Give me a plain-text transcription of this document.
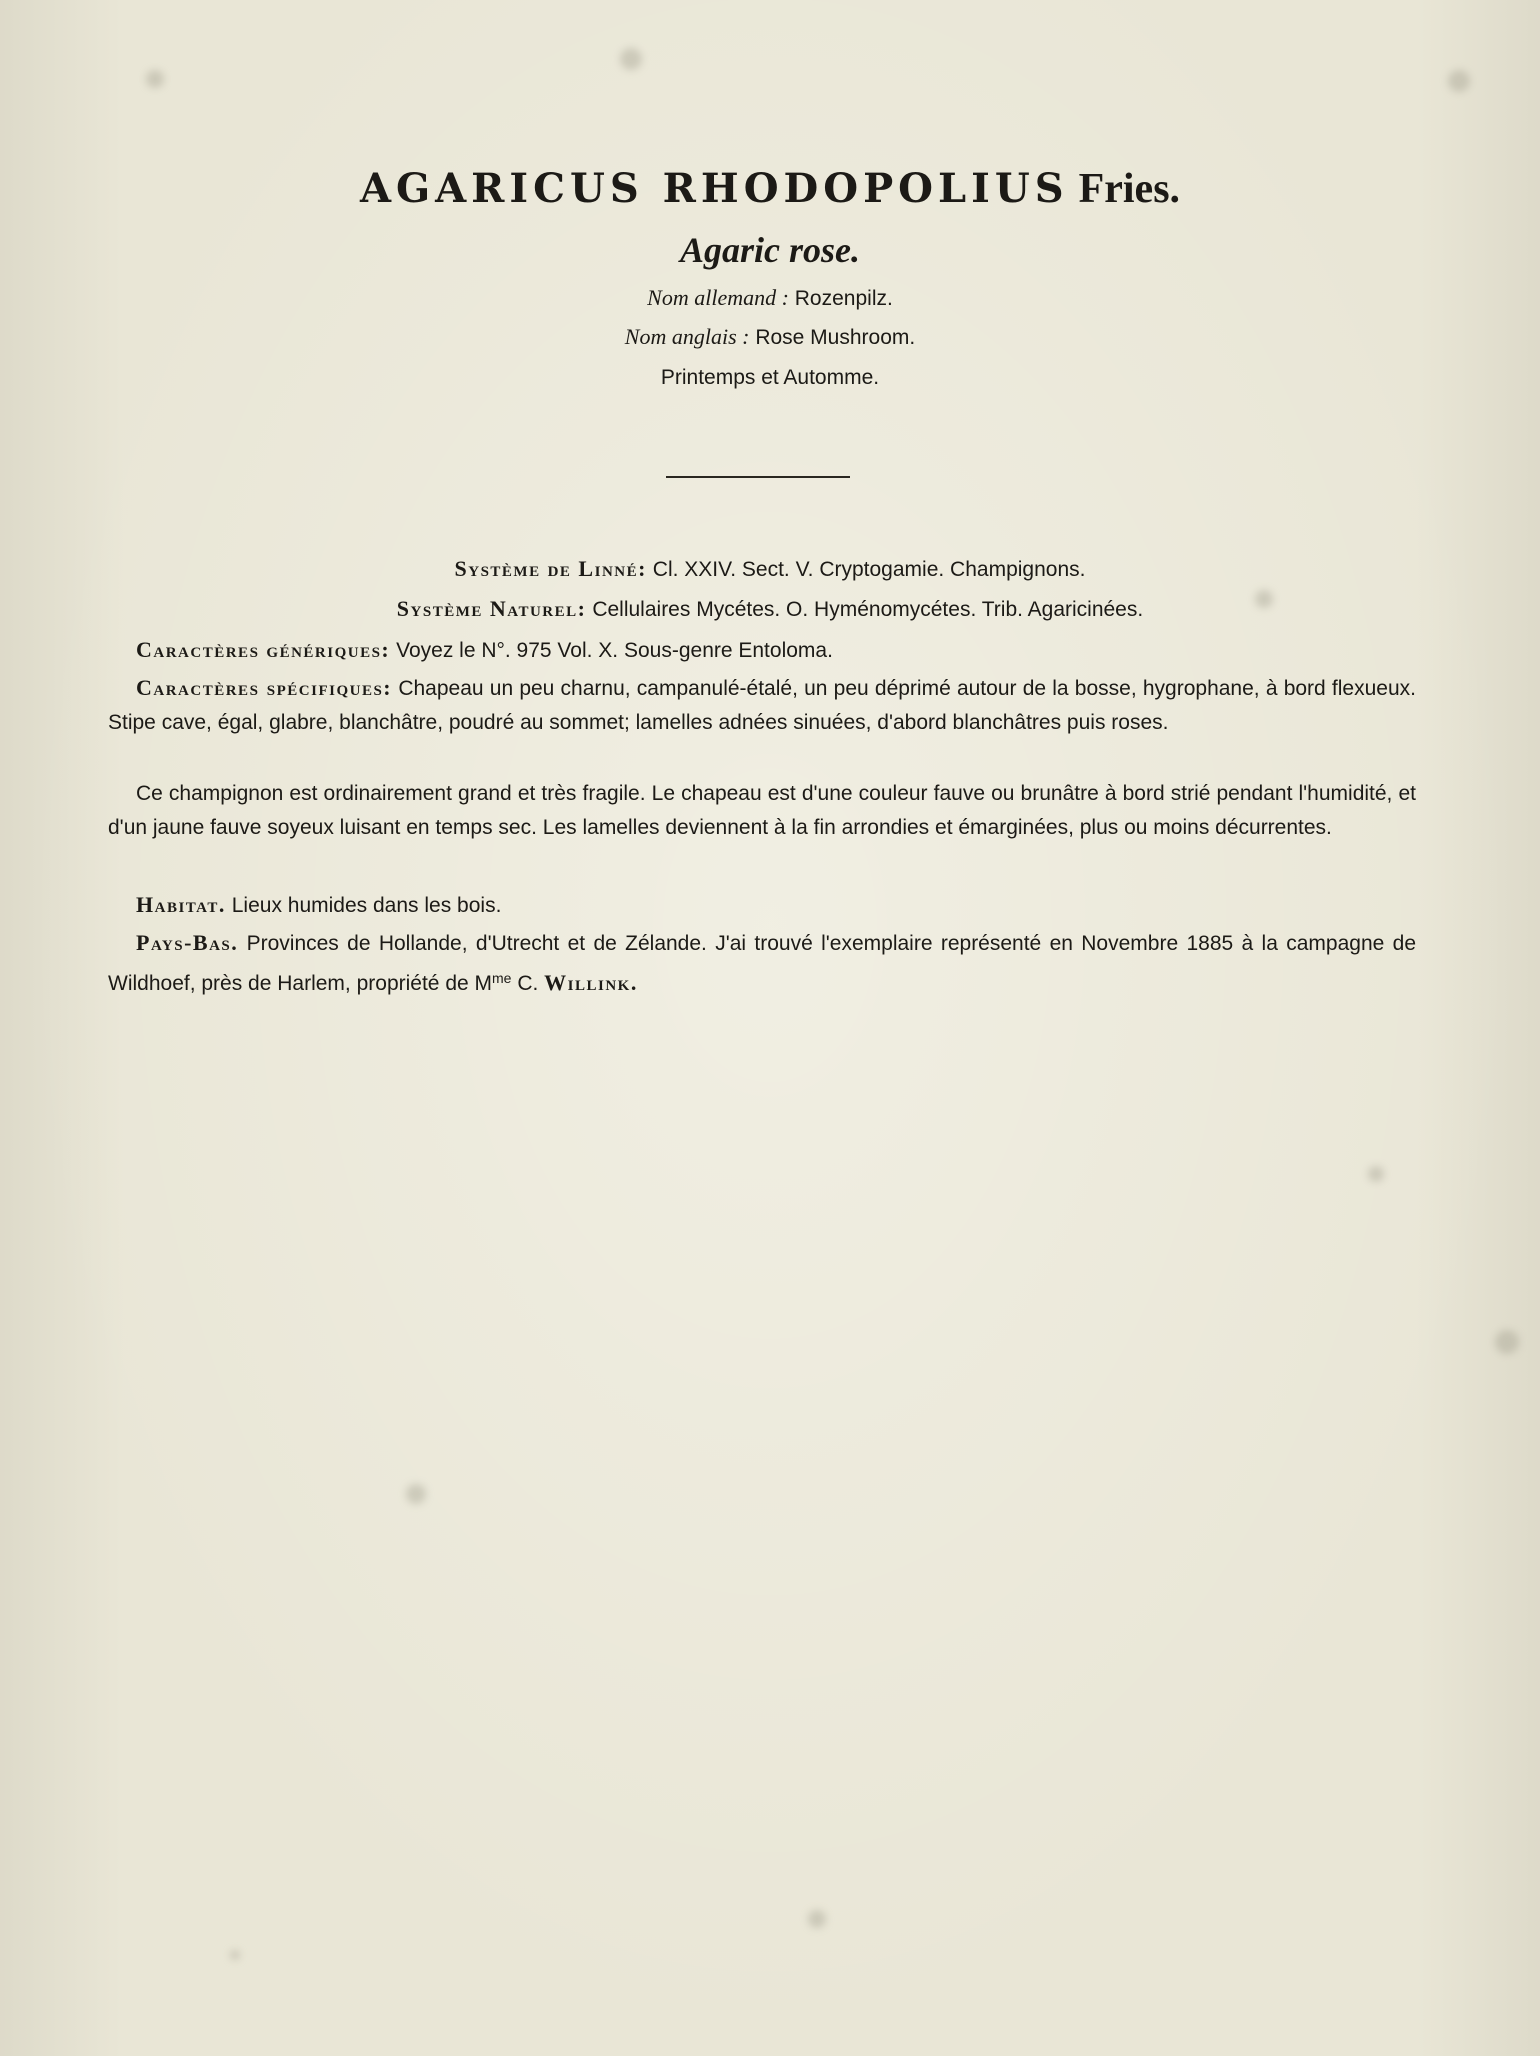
AGARICUS RHODOPOLIUS Fries.
Agaric rose.
Nom allemand : Rozenpilz.
Nom anglais : Rose Mushroom.
Printemps et Automme.
Système de Linné: Cl. XXIV. Sect. V. Cryptogamie. Champignons.
Système Naturel: Cellulaires Mycétes. O. Hyménomycétes. Trib. Agaricinées.
Caractères génériques: Voyez le N°. 975 Vol. X. Sous-genre Entoloma.
Caractères spécifiques: Chapeau un peu charnu, campanulé-étalé, un peu déprimé autour de la bosse, hygrophane, à bord flexueux. Stipe cave, égal, glabre, blanchâtre, poudré au sommet; lamelles adnées sinuées, d'abord blanchâtres puis roses.
Ce champignon est ordinairement grand et très fragile. Le chapeau est d'une couleur fauve ou brunâtre à bord strié pendant l'humidité, et d'un jaune fauve soyeux luisant en temps sec. Les lamelles deviennent à la fin arrondies et émarginées, plus ou moins décurrentes.
Habitat. Lieux humides dans les bois.
Pays-Bas. Provinces de Hollande, d'Utrecht et de Zélande. J'ai trouvé l'exemplaire représenté en Novembre 1885 à la campagne de Wildhoef, près de Harlem, propriété de $M^{me}$ C. Willink.
